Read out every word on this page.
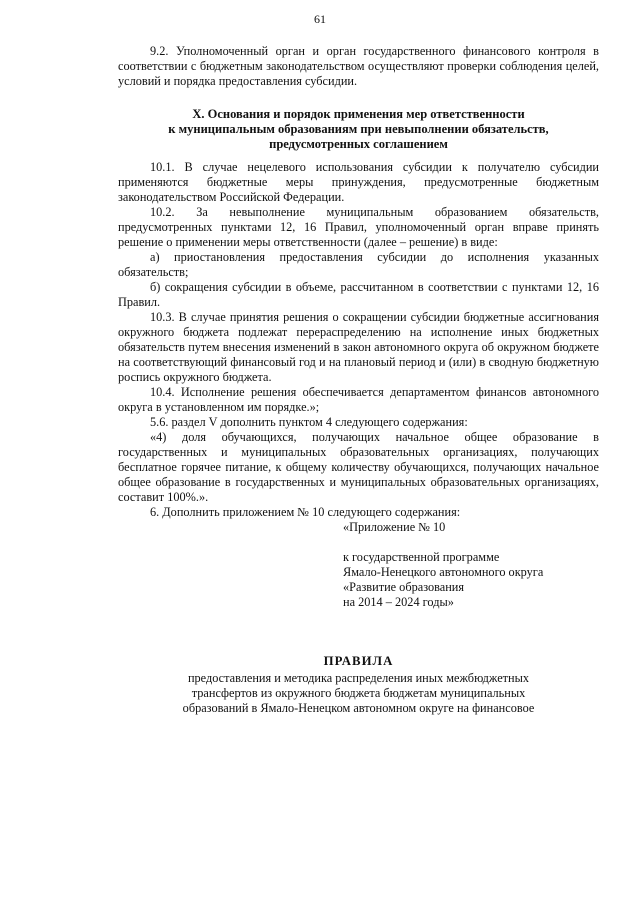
61

9.2. Уполномоченный орган и орган государственного финансового контроля в соответствии с бюджетным законодательством осуществляют проверки соблюдения целей, условий и порядка предоставления субсидии.

X. Основания и порядок применения мер ответственности
к муниципальным образованиям при невыполнении обязательств,
предусмотренных соглашением

10.1. В случае нецелевого использования субсидии к получателю субсидии применяются бюджетные меры принуждения, предусмотренные бюджетным законодательством Российской Федерации.

10.2. За невыполнение муниципальным образованием обязательств, предусмотренных пунктами 12, 16 Правил, уполномоченный орган вправе принять решение о применении меры ответственности (далее – решение) в виде:

а) приостановления предоставления субсидии до исполнения указанных обязательств;

б) сокращения субсидии в объеме, рассчитанном в соответствии с пунктами 12, 16 Правил.

10.3. В случае принятия решения о сокращении субсидии бюджетные ассигнования окружного бюджета подлежат перераспределению на исполнение иных бюджетных обязательств путем внесения изменений в закон автономного округа об окружном бюджете на соответствующий финансовый год и на плановый период и (или) в сводную бюджетную роспись окружного бюджета.

10.4. Исполнение решения обеспечивается департаментом финансов автономного округа в установленном им порядке.»;

5.6. раздел V дополнить пунктом 4 следующего содержания:

«4) доля обучающихся, получающих начальное общее образование в государственных и муниципальных образовательных организациях, получающих бесплатное горячее питание, к общему количеству обучающихся, получающих начальное общее образование в государственных и муниципальных образовательных организациях, составит 100%.».

6. Дополнить приложением № 10 следующего содержания:

«Приложение № 10
к государственной программе
Ямало-Ненецкого автономного округа
«Развитие образования
на 2014 – 2024 годы»
ПРАВИЛА
предоставления и методика распределения иных межбюджетных
трансфертов из окружного бюджета бюджетам муниципальных
образований в Ямало-Ненецком автономном округе на финансовое
